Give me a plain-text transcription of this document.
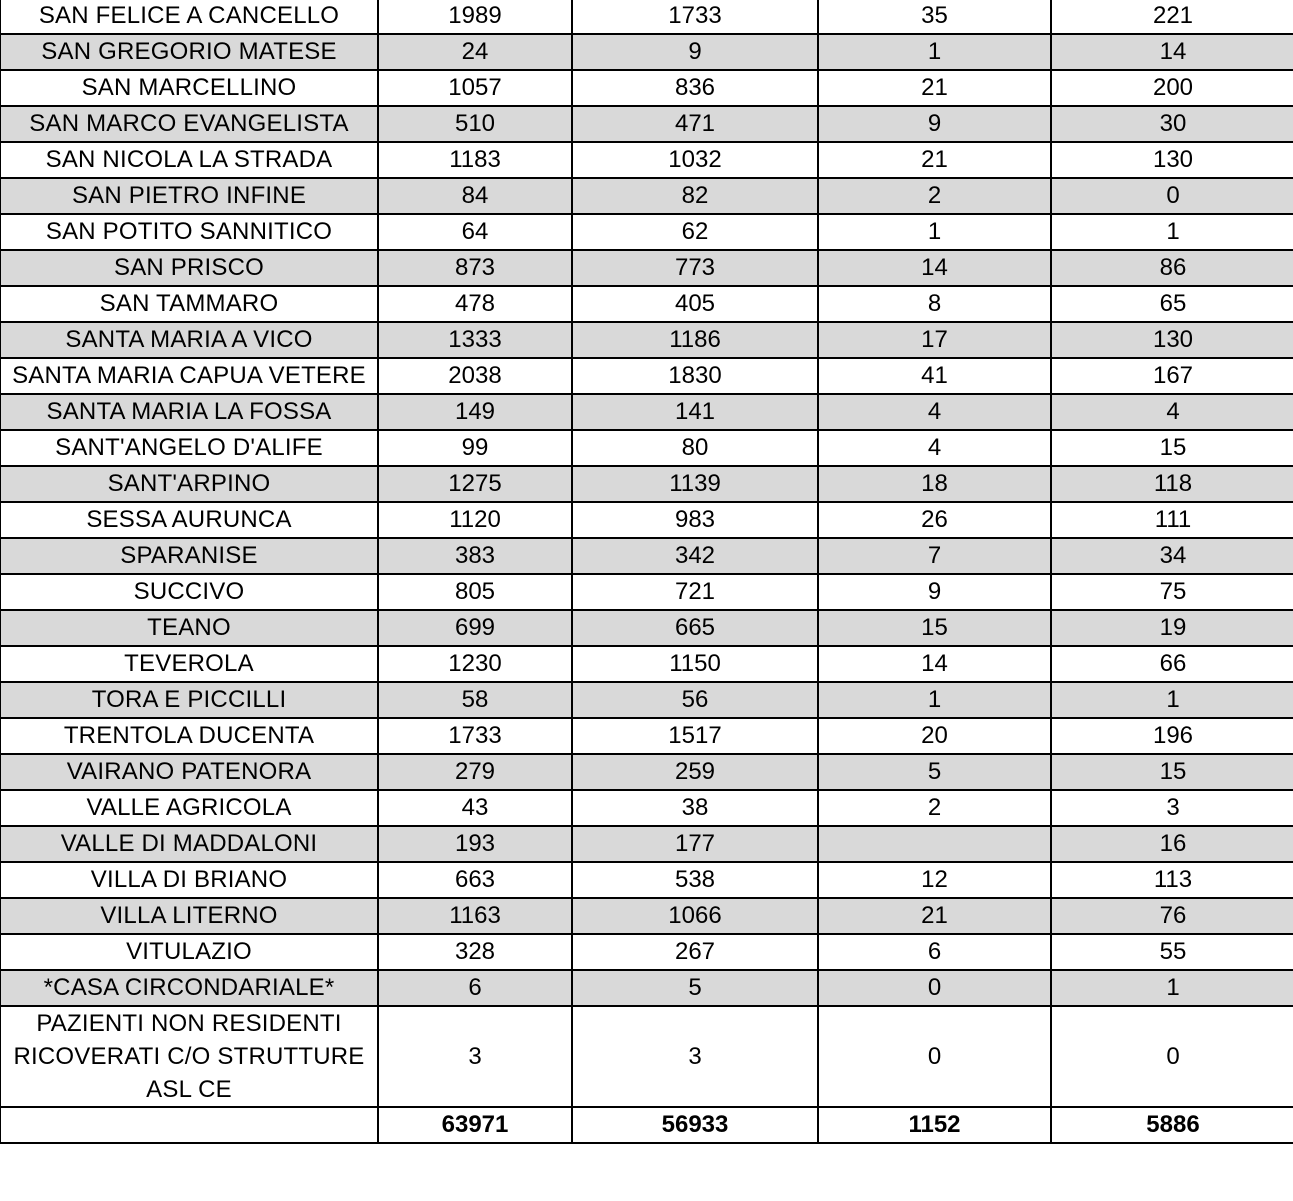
SAN FELICE A CANCELLO	1989	1733	35	221
SAN GREGORIO MATESE	24	9	1	14
SAN MARCELLINO	1057	836	21	200
SAN MARCO EVANGELISTA	510	471	9	30
SAN NICOLA LA STRADA	1183	1032	21	130
SAN PIETRO INFINE	84	82	2	0
SAN POTITO SANNITICO	64	62	1	1
SAN PRISCO	873	773	14	86
SAN TAMMARO	478	405	8	65
SANTA MARIA A VICO	1333	1186	17	130
SANTA MARIA CAPUA VETERE	2038	1830	41	167
SANTA MARIA LA FOSSA	149	141	4	4
SANT'ANGELO D'ALIFE	99	80	4	15
SANT'ARPINO	1275	1139	18	118
SESSA AURUNCA	1120	983	26	111
SPARANISE	383	342	7	34
SUCCIVO	805	721	9	75
TEANO	699	665	15	19
TEVEROLA	1230	1150	14	66
TORA E PICCILLI	58	56	1	1
TRENTOLA DUCENTA	1733	1517	20	196
VAIRANO PATENORA	279	259	5	15
VALLE AGRICOLA	43	38	2	3
VALLE DI MADDALONI	193	177		16
VILLA DI BRIANO	663	538	12	113
VILLA LITERNO	1163	1066	21	76
VITULAZIO	328	267	6	55
*CASA CIRCONDARIALE*	6	5	0	1
PAZIENTI NON RESIDENTI RICOVERATI C/O STRUTTURE ASL CE	3	3	0	0
	63971	56933	1152	5886
